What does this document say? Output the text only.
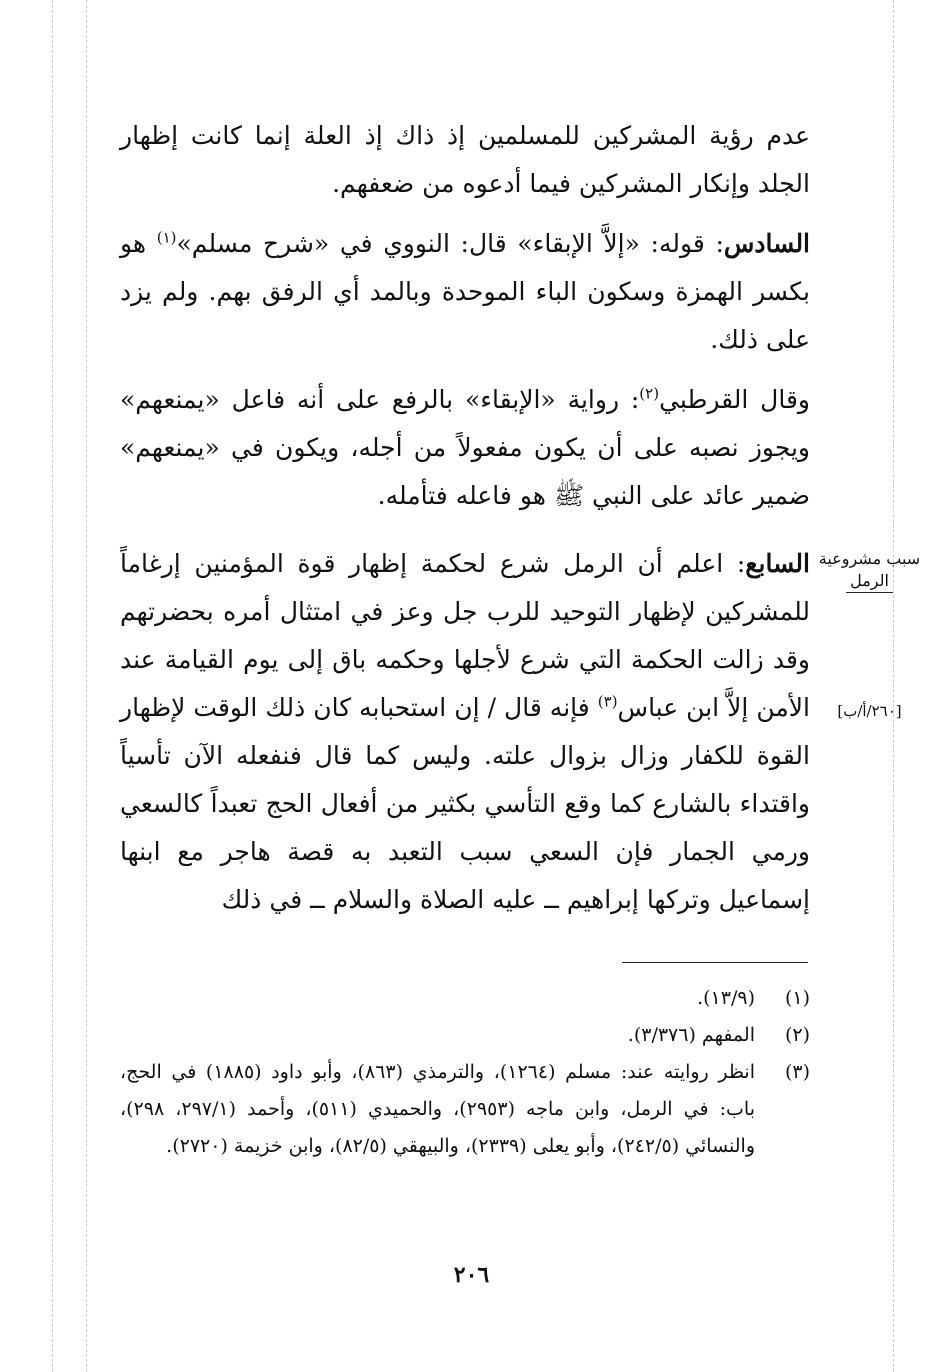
عدم رؤية المشركين للمسلمين إذ ذاك إذ العلة إنما كانت إظهار الجلد وإنكار المشركين فيما أدعوه من ضعفهم.

السادس: قوله: «إلاَّ الإبقاء» قال: النووي في «شرح مسلم»$^{(١)}$ هو بكسر الهمزة وسكون الباء الموحدة وبالمد أي الرفق بهم. ولم يزد على ذلك.

وقال القرطبي$^{(٢)}$: رواية «الإبقاء» بالرفع على أنه فاعل «يمنعهم» ويجوز نصبه على أن يكون مفعولاً من أجله، ويكون في «يمنعهم» ضمير عائد على النبي ﷺ هو فاعله فتأمله.

السابع: اعلم أن الرمل شرع لحكمة إظهار قوة المؤمنين إرغاماً للمشركين لإظهار التوحيد للرب جل وعز في امتثال أمره بحضرتهم وقد زالت الحكمة التي شرع لأجلها وحكمه باق إلى يوم القيامة عند الأمن إلاَّ ابن عباس$^{(٣)}$ فإنه قال / إن استحبابه كان ذلك الوقت لإظهار القوة للكفار وزال بزوال علته. وليس كما قال فنفعله الآن تأسياً واقتداء بالشارع كما وقع التأسي بكثير من أفعال الحج تعبداً كالسعي ورمي الجمار فإن السعي سبب التعبد به قصة هاجر مع ابنها إسماعيل وتركها إبراهيم ــ عليه الصلاة والسلام ــ في ذلك

سبب مشروعية
الرمل
[٢٦٠/أ/ب]
(١)
(١٣/٩).
(٢)
المفهم (٣/٣٧٦).
(٣)
انظر روايته عند: مسلم (١٢٦٤)، والترمذي (٨٦٣)، وأبو داود (١٨٨٥) في الحج، باب: في الرمل، وابن ماجه (٢٩٥٣)، والحميدي (٥١١)، وأحمد (٢٩٧/١، ٢٩٨)، والنسائي (٢٤٢/٥)، وأبو يعلى (٢٣٣٩)، والبيهقي (٨٢/٥)، وابن خزيمة (٢٧٢٠).
٢٠٦
